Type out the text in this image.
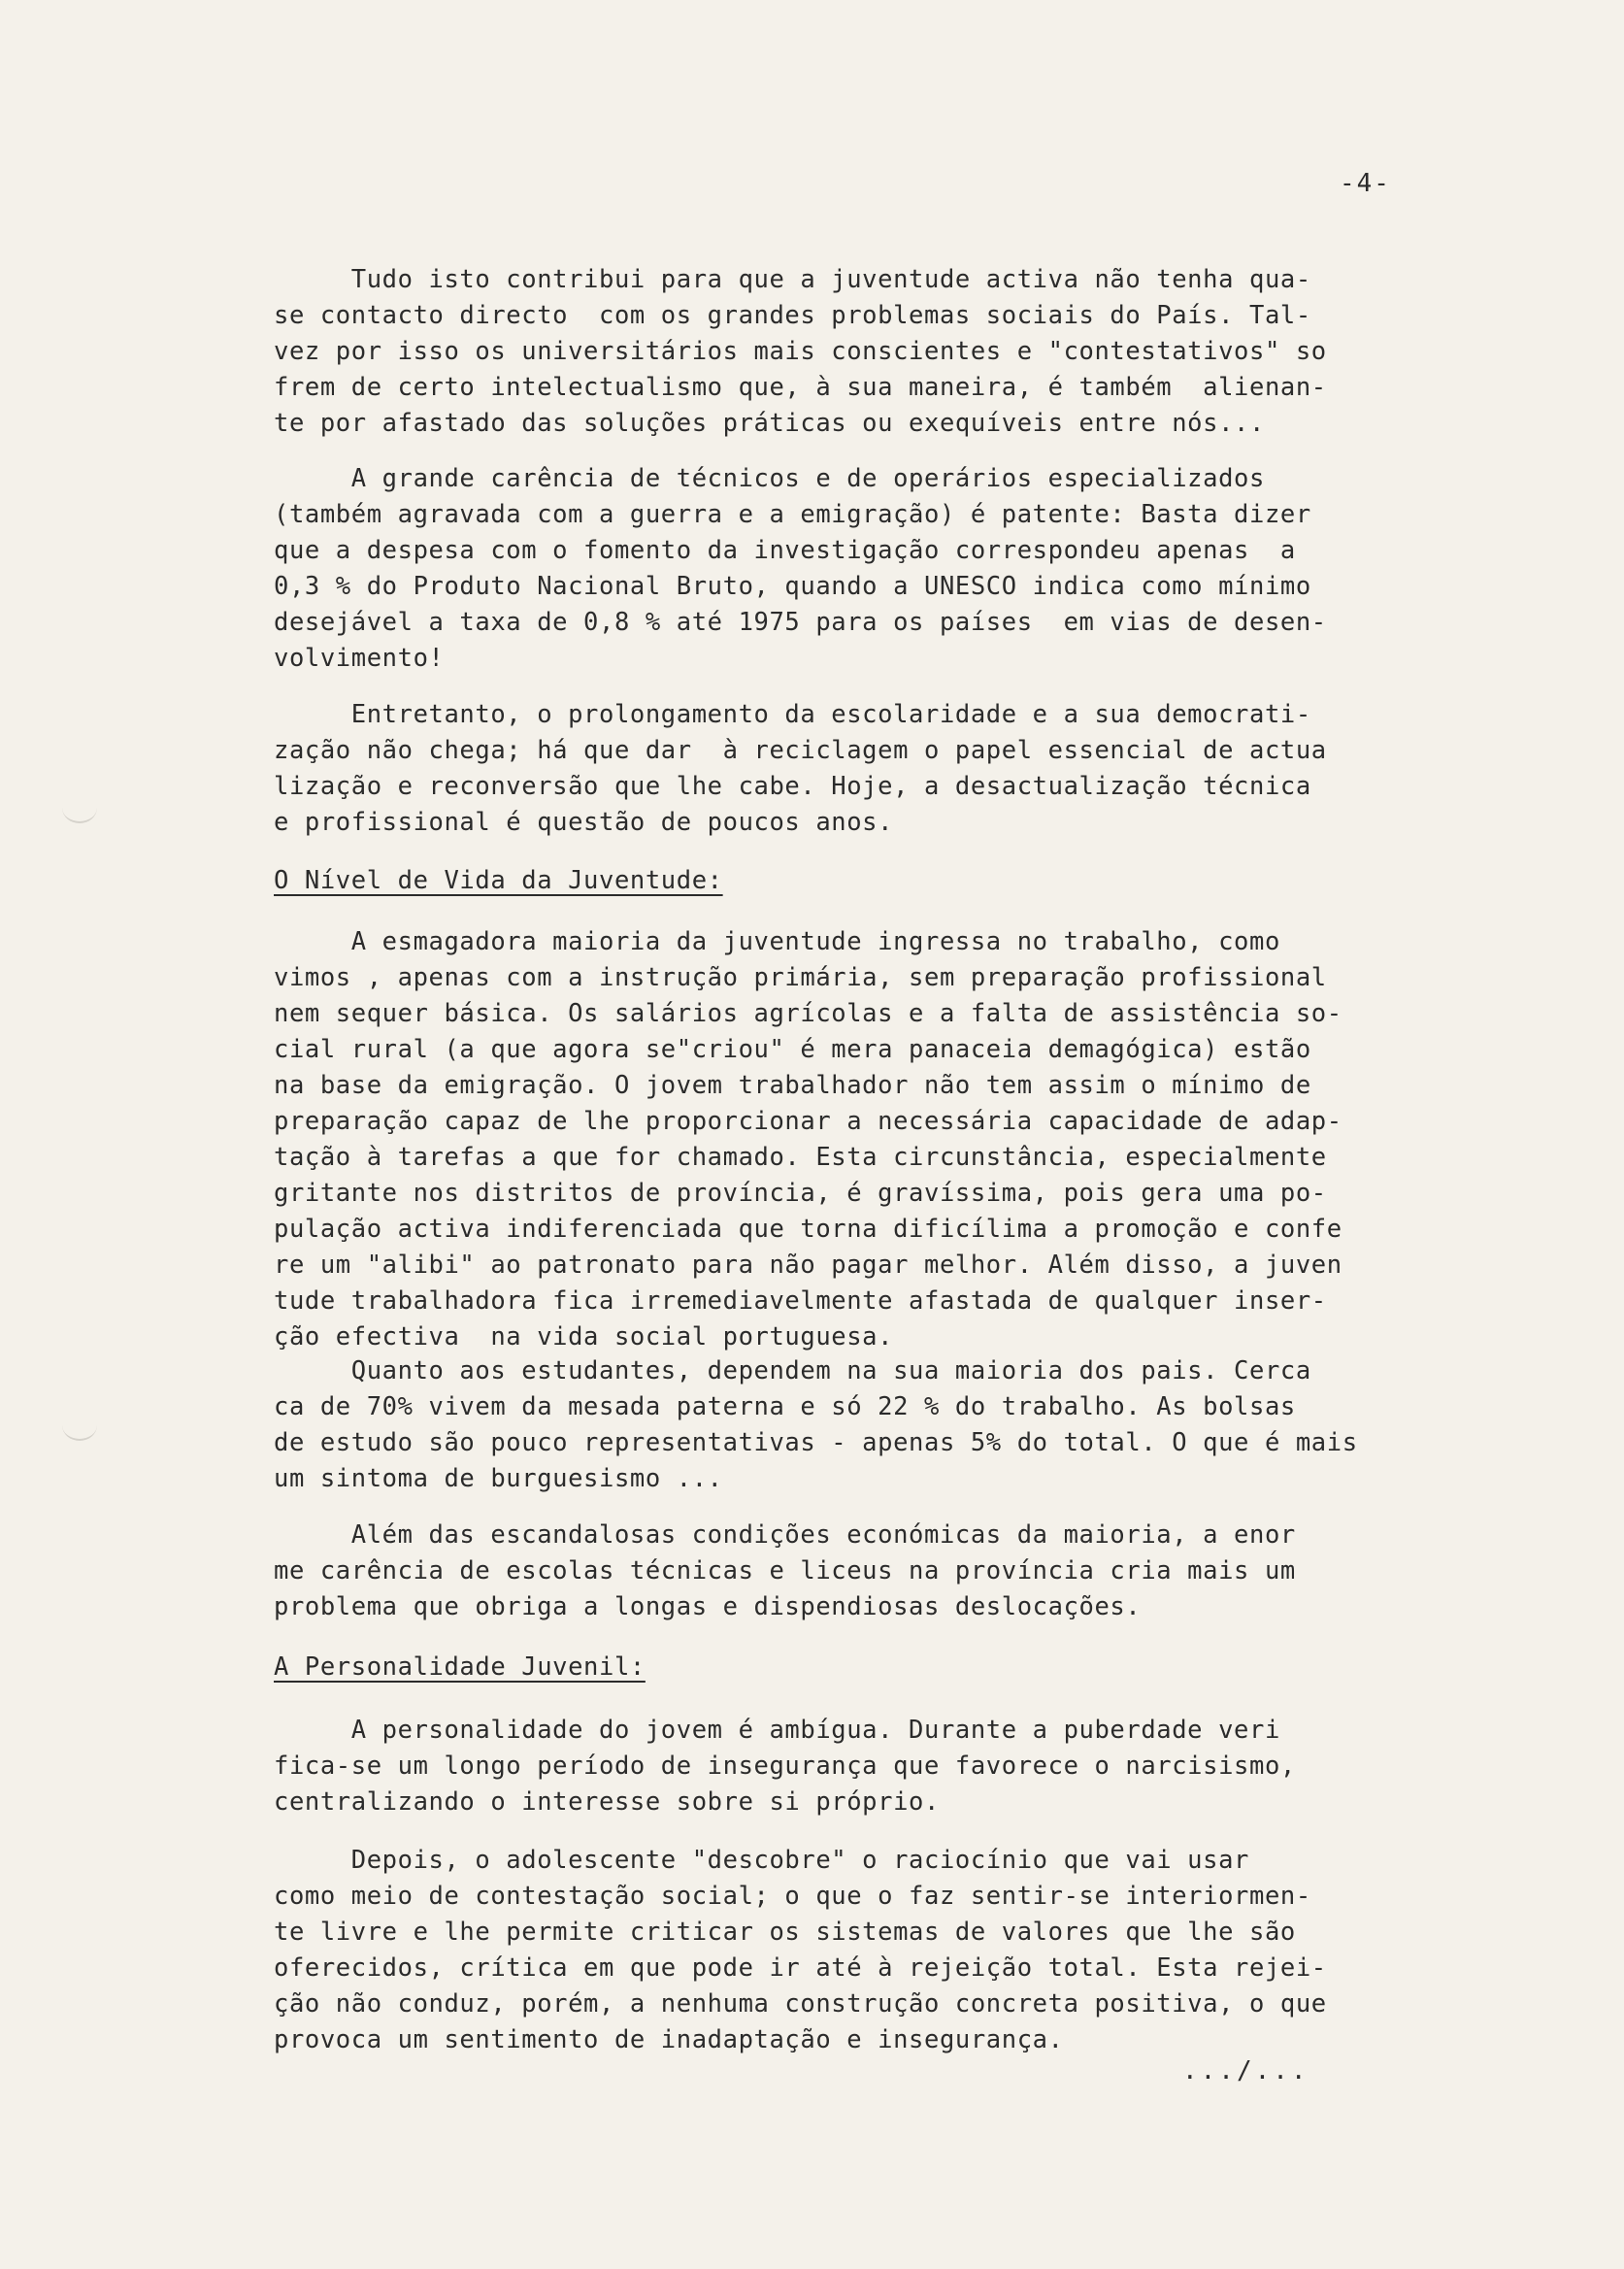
-4-
Tudo isto contribui para que a juventude activa não tenha qua-
se contacto directo  com os grandes problemas sociais do País. Tal-
vez por isso os universitários mais conscientes e "contestativos" so
frem de certo intelectualismo que, à sua maneira, é também  alienan-
te por afastado das soluções práticas ou exequíveis entre nós...
A grande carência de técnicos e de operários especializados
(também agravada com a guerra e a emigração) é patente: Basta dizer
que a despesa com o fomento da investigação correspondeu apenas  a
0,3 % do Produto Nacional Bruto, quando a UNESCO indica como mínimo
desejável a taxa de 0,8 % até 1975 para os países  em vias de desen-
volvimento!
Entretanto, o prolongamento da escolaridade e a sua democrati-
zação não chega; há que dar  à reciclagem o papel essencial de actua
lização e reconversão que lhe cabe. Hoje, a desactualização técnica
e profissional é questão de poucos anos.
O Nível de Vida da Juventude:
A esmagadora maioria da juventude ingressa no trabalho, como
vimos , apenas com a instrução primária, sem preparação profissional
nem sequer básica. Os salários agrícolas e a falta de assistência so-
cial rural (a que agora se"criou" é mera panaceia demagógica) estão
na base da emigração. O jovem trabalhador não tem assim o mínimo de
preparação capaz de lhe proporcionar a necessária capacidade de adap-
tação à tarefas a que for chamado. Esta circunstância, especialmente
gritante nos distritos de província, é gravíssima, pois gera uma po-
pulação activa indiferenciada que torna dificílima a promoção e confe
re um "alibi" ao patronato para não pagar melhor. Além disso, a juven
tude trabalhadora fica irremediavelmente afastada de qualquer inser-
ção efectiva  na vida social portuguesa.
Quanto aos estudantes, dependem na sua maioria dos pais. Cerca
ca de 70% vivem da mesada paterna e só 22 % do trabalho. As bolsas
de estudo são pouco representativas - apenas 5% do total. O que é mais
um sintoma de burguesismo ...
Além das escandalosas condições económicas da maioria, a enor
me carência de escolas técnicas e liceus na província cria mais um
problema que obriga a longas e dispendiosas deslocações.
A Personalidade Juvenil:
A personalidade do jovem é ambígua. Durante a puberdade veri
fica-se um longo período de insegurança que favorece o narcisismo,
centralizando o interesse sobre si próprio.
Depois, o adolescente "descobre" o raciocínio que vai usar
como meio de contestação social; o que o faz sentir-se interiormen-
te livre e lhe permite criticar os sistemas de valores que lhe são
oferecidos, crítica em que pode ir até à rejeição total. Esta rejei-
ção não conduz, porém, a nenhuma construção concreta positiva, o que
provoca um sentimento de inadaptação e insegurança.
.../...
